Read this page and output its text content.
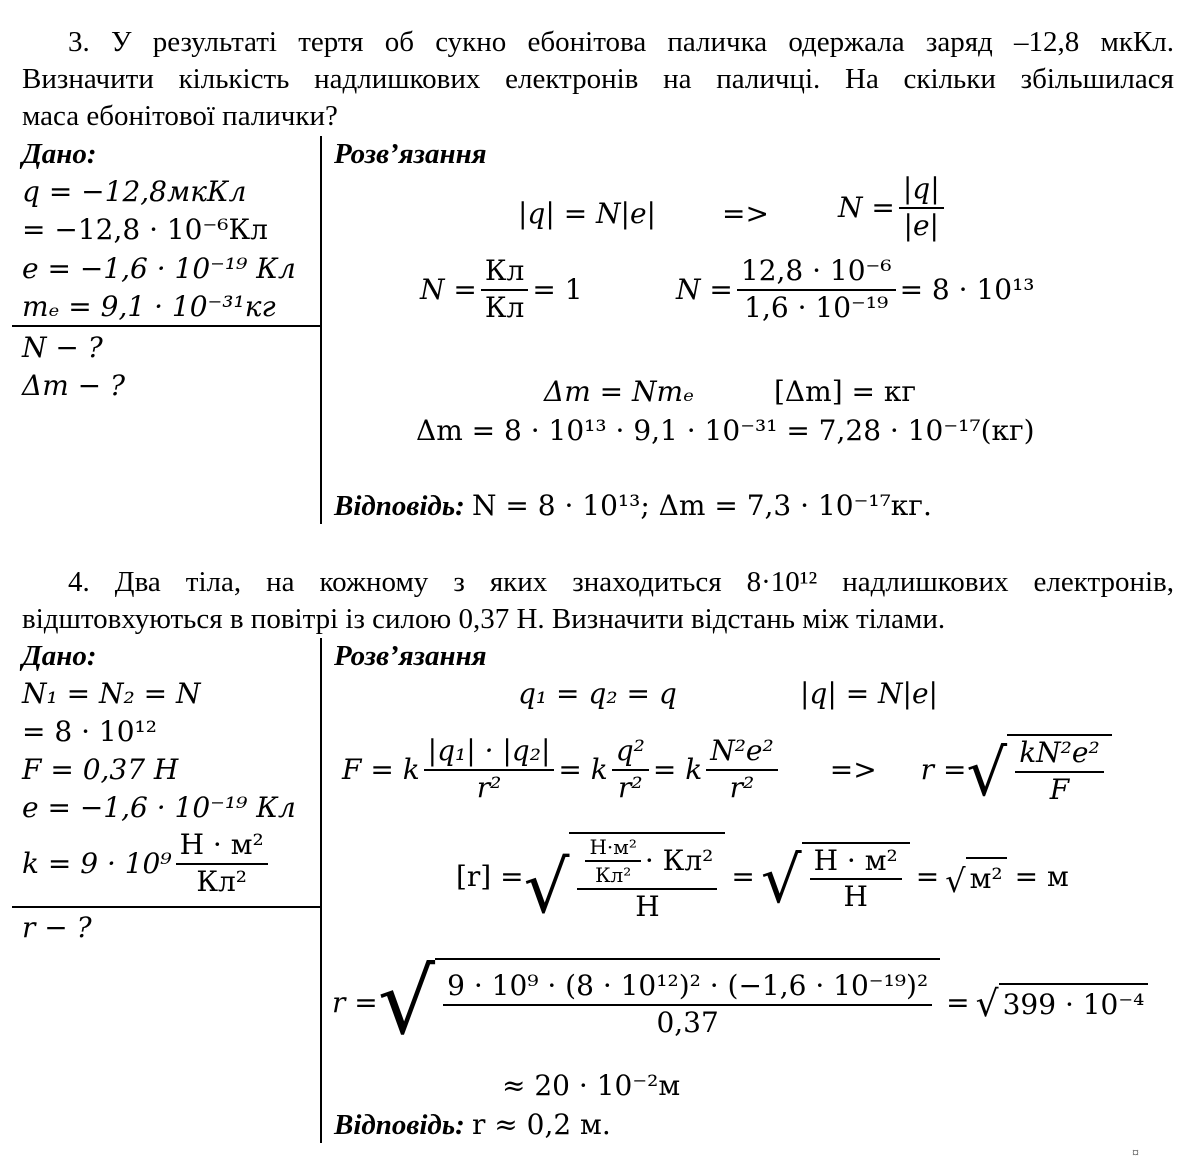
3. У результаті тертя об сукно ебонітова паличка одержала заряд –12,8 мкКл.
Визначити кількість надлишкових електронів на паличці. На скільки збільшилася
маса ебонітової палички?
Дано:
q = −12,8мкКл
= −12,8 · 10⁻⁶Кл
e = −1,6 · 10⁻¹⁹ Кл
mₑ = 9,1 · 10⁻³¹кг
N − ?
Δm − ?
Розв’язання
$|q| = N|e| => N = \frac{|q|}{|e|}$
$N = \frac{Кл}{Кл} = 1$	$N = \frac{\text{12,8 · 10⁻⁶}}{\text{1,6 · 10⁻¹⁹}} = 8 \cdot 10^{13}$
Δm = Nmₑ	[Δm] = кг
Δm = 8 · 10¹³ · 9,1 · 10⁻³¹ = 7,28 · 10⁻¹⁷(кг)
Відповідь: N = 8 · 10¹³; Δm = 7,3 · 10⁻¹⁷кг.
4. Два тіла, на кожному з яких знаходиться 8·10¹² надлишкових електронів,
відштовхуються в повітрі із силою 0,37 Н. Визначити відстань між тілами.
Дано:
N₁ = N₂ = N
= 8 · 10¹²
F = 0,37 Н
e = −1,6 · 10⁻¹⁹ Кл
$k = 9 \cdot 10^9 \frac{\text{Н · м²}}{\text{Кл²}}$
r − ?
Розв’язання
q₁ = q₂ = q	|q| = N|e|
F = k $\frac{\text{|q₁| · |q₂|}}{\text{r²}} = k \frac{\text{q²}}{\text{r²}} = k \frac{\text{N²e²}}{\text{r²}} => r$ = √ $\frac{\text{kN²e²}}{F}$
[r] = √ $\frac{\frac{\text{Н·м²}}{\text{Кл²}} \cdot Кл^2}{Н}$ = √ $\frac{\text{Н · м²}}{Н}$ = √ м² = м
r = √ $\frac{\text{9 · 10⁹ · (8 · 10¹²)² · (−1,6 · 10⁻¹⁹)²}}{0,37}$ = √ 399 · 10⁻⁴
≈ 20 · 10⁻²м
Відповідь: r ≈ 0,2 м.
¤
